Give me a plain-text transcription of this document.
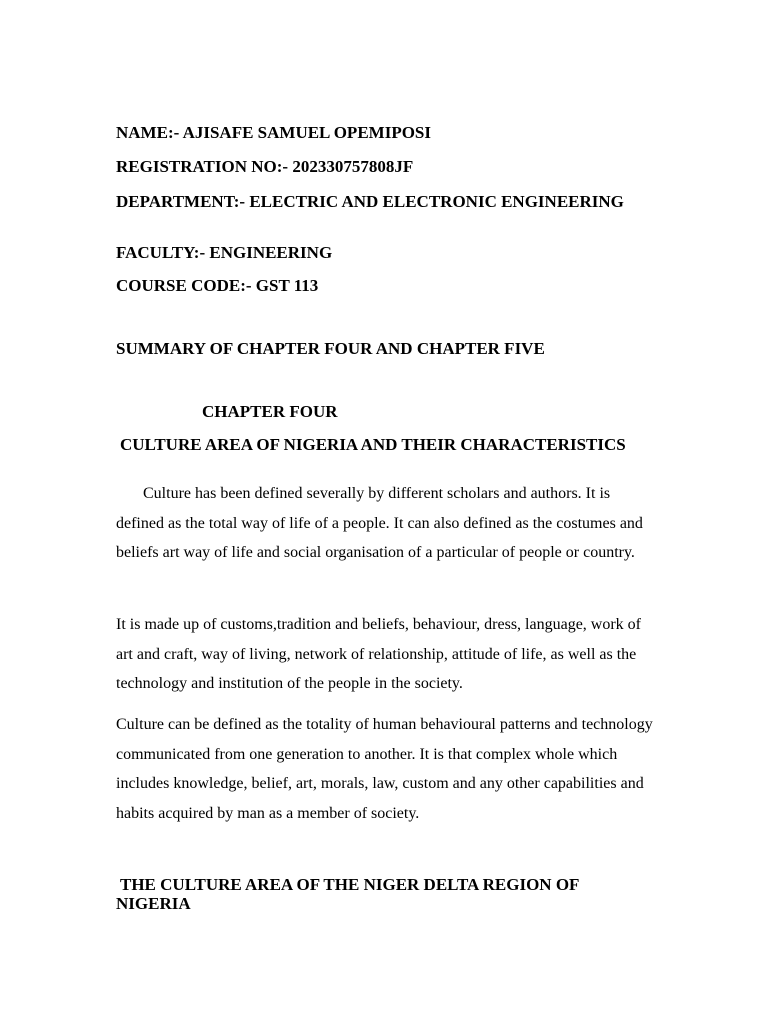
NAME:- AJISAFE SAMUEL OPEMIPOSI

REGISTRATION NO:- 202330757808JF

DEPARTMENT:- ELECTRIC AND ELECTRONIC ENGINEERING

FACULTY:- ENGINEERING

COURSE CODE:- GST 113

SUMMARY OF CHAPTER FOUR AND CHAPTER FIVE

CHAPTER FOUR

CULTURE AREA OF NIGERIA AND THEIR CHARACTERISTICS

Culture has been defined severally by different scholars and authors. It is defined as the total way of life of a people. It can also defined as the costumes and beliefs art way of life and social organisation of a particular of people or country.

It is made up of customs,tradition and beliefs, behaviour, dress, language, work of art and craft, way of living, network of relationship, attitude of life, as well as the technology and institution of the people in the society.

Culture can be defined as the totality of human behavioural patterns and technology communicated from one generation to another. It is that complex whole which includes knowledge, belief, art, morals, law, custom and any other capabilities and habits acquired by man as a member of society.

THE CULTURE AREA OF THE NIGER DELTA REGION OF NIGERIA
